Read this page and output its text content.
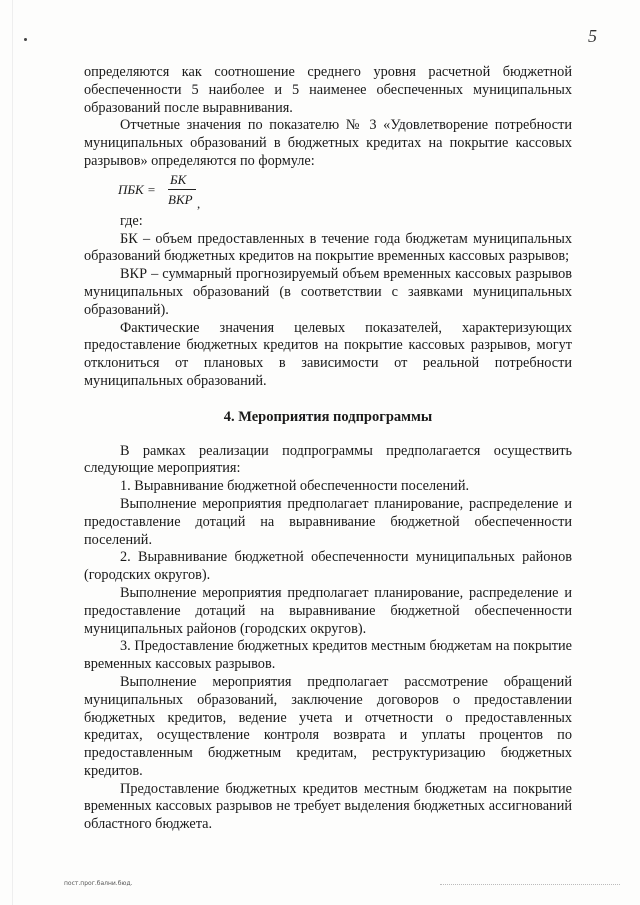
5

определяются как соотношение среднего уровня расчетной бюджетной обеспеченности 5 наиболее и 5 наименее обеспеченных муниципальных образований после выравнивания.

Отчетные значения по показателю № 3 «Удовлетворение потребности муниципальных образований в бюджетных кредитах на покрытие кассовых разрывов» определяются по формуле:

ПБК =
БК
ВКР ,

где:

БК – объем предоставленных в течение года бюджетам муниципальных образований бюджетных кредитов на покрытие временных кассовых разрывов;

ВКР – суммарный прогнозируемый объем временных кассовых разрывов муниципальных образований (в соответствии с заявками муниципальных образований).

Фактические значения целевых показателей, характеризующих предоставление бюджетных кредитов на покрытие кассовых разрывов, могут отклониться от плановых в зависимости от реальной потребности муниципальных образований.

4. Мероприятия подпрограммы

В рамках реализации подпрограммы предполагается осуществить следующие мероприятия:

1. Выравнивание бюджетной обеспеченности поселений.

Выполнение мероприятия предполагает планирование, распределение и предоставление дотаций на выравнивание бюджетной обеспеченности поселений.

2. Выравнивание бюджетной обеспеченности муниципальных районов (городских округов).

Выполнение мероприятия предполагает планирование, распределение и предоставление дотаций на выравнивание бюджетной обеспеченности муниципальных районов (городских округов).

3. Предоставление бюджетных кредитов местным бюджетам на покрытие временных кассовых разрывов.

Выполнение мероприятия предполагает рассмотрение обращений муниципальных образований, заключение договоров о предоставлении бюджетных кредитов, ведение учета и отчетности о предоставленных кредитах, осуществление контроля возврата и уплаты процентов по предоставленным бюджетным кредитам, реструктуризацию бюджетных кредитов.

Предоставление бюджетных кредитов местным бюджетам на покрытие временных кассовых разрывов не требует выделения бюджетных ассигнований областного бюджета.

пост.прог.бални.бюд.
